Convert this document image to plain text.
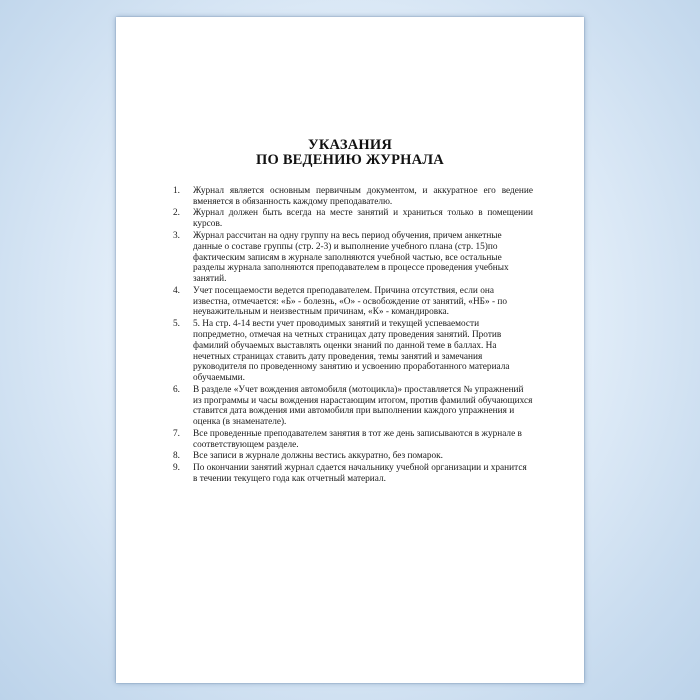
УКАЗАНИЯ
ПО ВЕДЕНИЮ ЖУРНАЛА
1.	Журнал является основным первичным документом, и аккуратное его ведение вменяется в обязанность каждому преподавателю.
2.	Журнал должен быть всегда на месте занятий и храниться только в помещении курсов.
3.	Журнал рассчитан на одну группу на весь период обучения, причем анкетные данные о составе группы (стр. 2-3) и выполнение учебного плана (стр. 15)по фактическим записям в журнале заполняются учебной частью, все остальные разделы журнала заполняются преподавателем в процессе проведения учебных занятий.
4.	Учет посещаемости ведется преподавателем. Причина отсутствия, если она известна, отмечается: «Б» - болезнь, «О» - освобождение от занятий, «НБ» - по неуважительным и неизвестным причинам, «К» - командировка.
5.	5. На стр. 4-14 вести учет проводимых занятий и текущей успеваемости попредметно, отмечая на четных страницах дату проведения занятий. Против фамилий обучаемых выставлять оценки знаний по данной теме в баллах. На нечетных страницах ставить дату проведения, темы занятий и замечания руководителя по проведенному занятию и усвоению проработанного материала обучаемыми.
6.	В разделе «Учет вождения автомобиля (мотоцикла)» проставляется № упражнений из программы и часы вождения нарастающим итогом, против фамилий обучающихся ставится дата вождения ими автомобиля при выполнении каждого упражнения и оценка (в знаменателе).
7.	Все проведенные преподавателем занятия в тот же день записываются в журнале в соответствующем разделе.
8.	Все записи в журнале должны вестись аккуратно, без помарок.
9.	По окончании занятий журнал сдается начальнику учебной организации и хранится в течении текущего года как отчетный материал.
